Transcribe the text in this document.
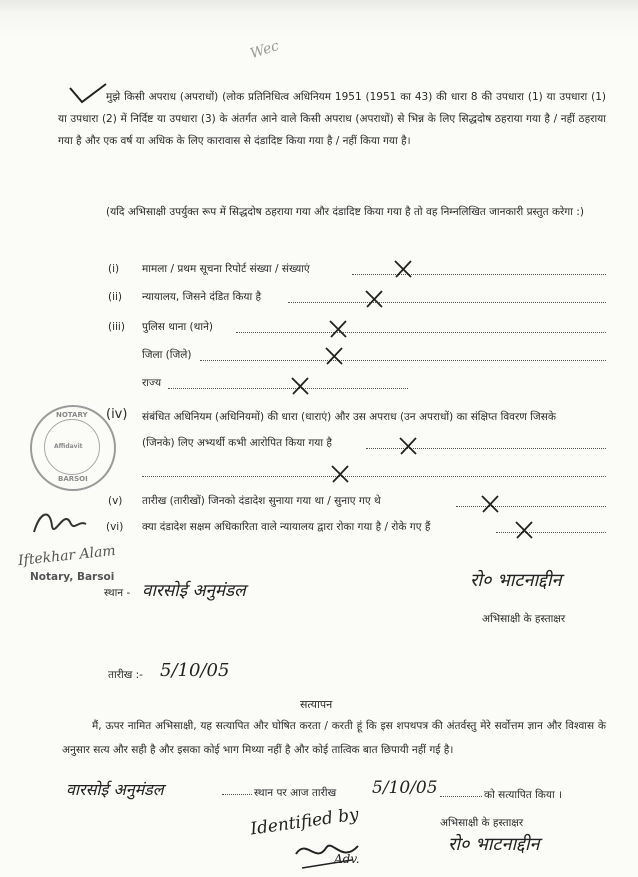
Wec
मुझे किसी अपराध (अपराधों) (लोक प्रतिनिधित्व अधिनियम 1951 (1951 का 43) की धारा 8 की उपधारा (1) या उपधारा (1) या उपधारा (2) में निर्दिष्ट या उपधारा (3) के अंतर्गत आने वाले किसी अपराध (अपराधों) से भिन्न के लिए सिद्धदोष ठहराया गया है / नहीं ठहराया गया है और एक वर्ष या अधिक के लिए कारावास से दंडादिष्ट किया गया है / नहीं किया गया है।
(यदि अभिसाक्षी उपर्युक्त रूप में सिद्धदोष ठहराया गया और दंडादिष्ट किया गया है तो वह निम्नलिखित जानकारी प्रस्तुत करेगा :)
(i) मामला / प्रथम सूचना रिपोर्ट संख्या / संख्याएं
(ii) न्यायालय, जिसने दंडित किया है
(iii) पुलिस थाना (थाने)
जिला (जिले)
राज्य
(iv) संबंधित अधिनियम (अधिनियमों) की धारा (धाराएं) और उस अपराध (उन अपराधों) का संक्षिप्त विवरण जिसके
(जिनके) लिए अभ्यर्थी कभी आरोपित किया गया है
(v) तारीख (तारीखों) जिनको दंडादेश सुनाया गया था / सुनाए गए थे
(vi) क्या दंडादेश सक्षम अधिकारिता वाले न्यायालय द्वारा रोका गया है / रोके गए हैं
NOTARY
Affidavit
BARSOI
Iftekhar Alam
Notary, Barsoi
स्थान - वारसोई अनुमंडल	रो० भाटनाद्दीन
अभिसाक्षी के हस्ताक्षर
तारीख :- 5/10/05
सत्यापन
मैं, ऊपर नामित अभिसाक्षी, यह सत्यापित और घोषित करता / करती हूं कि इस शपथपत्र की अंतर्वस्तु मेरे सर्वोत्तम ज्ञान और विश्वास के अनुसार सत्य और सही है और इसका कोई भाग मिथ्या नहीं है और कोई तात्विक बात छिपायी नहीं गई है।
वारसोई अनुमंडल	स्थान पर आज तारीख 5/10/05	को सत्यापित किया ।
अभिसाक्षी के हस्ताक्षर
रो० भाटनाद्दीन
Identified by
Adv.
